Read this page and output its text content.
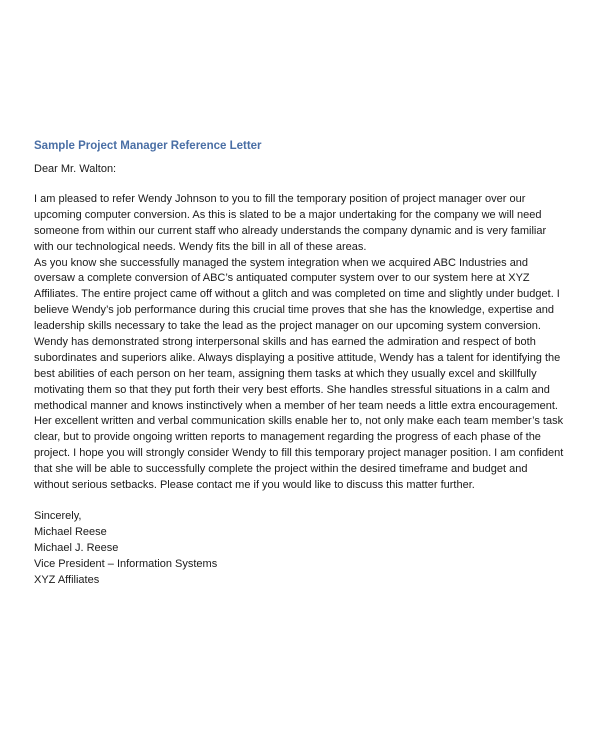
Sample Project Manager Reference Letter
Dear Mr. Walton:
I am pleased to refer Wendy Johnson to you to fill the temporary position of project manager over our
upcoming computer conversion. As this is slated to be a major undertaking for the company we will need
someone from within our current staff who already understands the company dynamic and is very familiar
with our technological needs. Wendy fits the bill in all of these areas.
As you know she successfully managed the system integration when we acquired ABC Industries and
oversaw a complete conversion of ABC’s antiquated computer system over to our system here at XYZ
Affiliates. The entire project came off without a glitch and was completed on time and slightly under budget. I
believe Wendy’s job performance during this crucial time proves that she has the knowledge, expertise and
leadership skills necessary to take the lead as the project manager on our upcoming system conversion.
Wendy has demonstrated strong interpersonal skills and has earned the admiration and respect of both
subordinates and superiors alike. Always displaying a positive attitude, Wendy has a talent for identifying the
best abilities of each person on her team, assigning them tasks at which they usually excel and skillfully
motivating them so that they put forth their very best efforts. She handles stressful situations in a calm and
methodical manner and knows instinctively when a member of her team needs a little extra encouragement.
Her excellent written and verbal communication skills enable her to, not only make each team member’s task
clear, but to provide ongoing written reports to management regarding the progress of each phase of the
project. I hope you will strongly consider Wendy to fill this temporary project manager position. I am confident
that she will be able to successfully complete the project within the desired timeframe and budget and
without serious setbacks. Please contact me if you would like to discuss this matter further.
Sincerely,
Michael Reese
Michael J. Reese
Vice President – Information Systems
XYZ Affiliates
